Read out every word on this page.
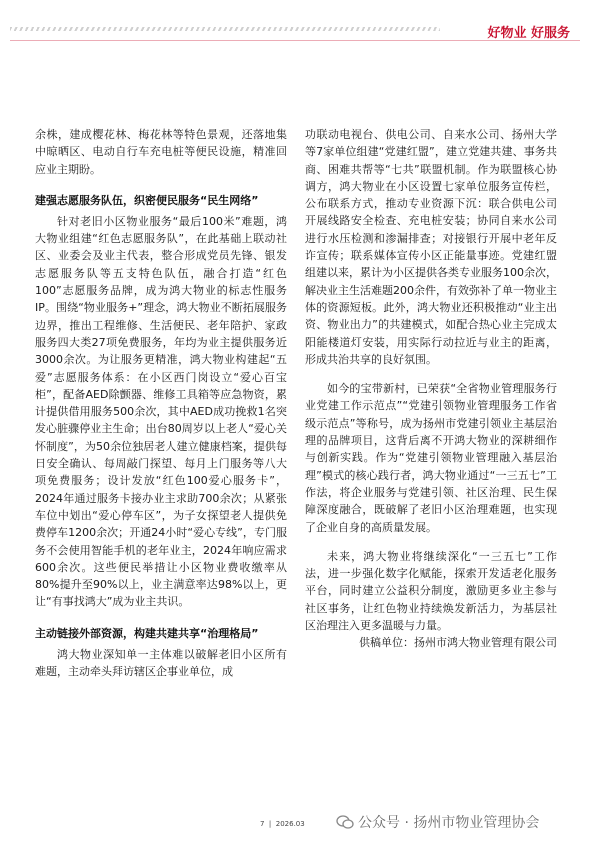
好物业 好服务

余株，建成樱花林、梅花林等特色景观，还落地集中晾晒区、电动自行车充电桩等便民设施，精准回应业主期盼。

建强志愿服务队伍，织密便民服务“民生网络”

针对老旧小区物业服务“最后100米”难题，鸿大物业组建“红色志愿服务队”，在此基础上联动社区、业委会及业主代表，整合形成党员先锋、银发志愿服务队等五支特色队伍，融合打造“红色100”志愿服务品牌，成为鸿大物业的标志性服务IP。围绕“物业服务+”理念，鸿大物业不断拓展服务边界，推出工程维修、生活便民、老年陪护、家政服务四大类27项免费服务，年均为业主提供服务近3000余次。为让服务更精准，鸿大物业构建起“五爱”志愿服务体系：在小区西门岗设立“爱心百宝柜”，配备AED除颤器、维修工具箱等应急物资，累计提供借用服务500余次，其中AED成功挽救1名突发心脏骤停业主生命；出台80周岁以上老人“爱心关怀制度”，为50余位独居老人建立健康档案，提供每日安全确认、每周敲门探望、每月上门服务等八大项免费服务；设计发放“红色100爱心服务卡”，2024年通过服务卡接办业主求助700余次；从紧张车位中划出“爱心停车区”，为子女探望老人提供免费停车1200余次；开通24小时“爱心专线”，专门服务不会使用智能手机的老年业主，2024年响应需求600余次。这些便民举措让小区物业费收缴率从80%提升至90%以上，业主满意率达98%以上，更让“有事找鸿大”成为业主共识。

主动链接外部资源，构建共建共享“治理格局”

鸿大物业深知单一主体难以破解老旧小区所有难题，主动牵头拜访辖区企事业单位，成

功联动电视台、供电公司、自来水公司、扬州大学等7家单位组建“党建红盟”，建立党建共建、事务共商、困难共帮等“七共”联盟机制。作为联盟核心协调方，鸿大物业在小区设置七家单位服务宣传栏，公布联系方式，推动专业资源下沉：联合供电公司开展线路安全检查、充电桩安装；协同自来水公司进行水压检测和渗漏排查；对接银行开展中老年反诈宣传；联系媒体宣传小区正能量事迹。党建红盟组建以来，累计为小区提供各类专业服务100余次，解决业主生活难题200余件，有效弥补了单一物业主体的资源短板。此外，鸿大物业还积极推动“业主出资、物业出力”的共建模式，如配合热心业主完成太阳能楼道灯安装，用实际行动拉近与业主的距离，形成共治共享的良好氛围。

如今的宝带新村，已荣获“全省物业管理服务行业党建工作示范点”“党建引领物业管理服务工作省级示范点”等称号，成为扬州市党建引领业主基层治理的品牌项目，这背后离不开鸿大物业的深耕细作与创新实践。作为“党建引领物业管理融入基层治理”模式的核心践行者，鸿大物业通过“一三五七”工作法，将企业服务与党建引领、社区治理、民生保障深度融合，既破解了老旧小区治理难题，也实现了企业自身的高质量发展。

未来，鸿大物业将继续深化“一三五七”工作法，进一步强化数字化赋能，探索开发适老化服务平台，同时建立公益积分制度，激励更多业主参与社区事务，让红色物业持续焕发新活力，为基层社区治理注入更多温暖与力量。

供稿单位：扬州市鸿大物业管理有限公司

7  |  2026.03	公众号 · 扬州市物业管理协会
